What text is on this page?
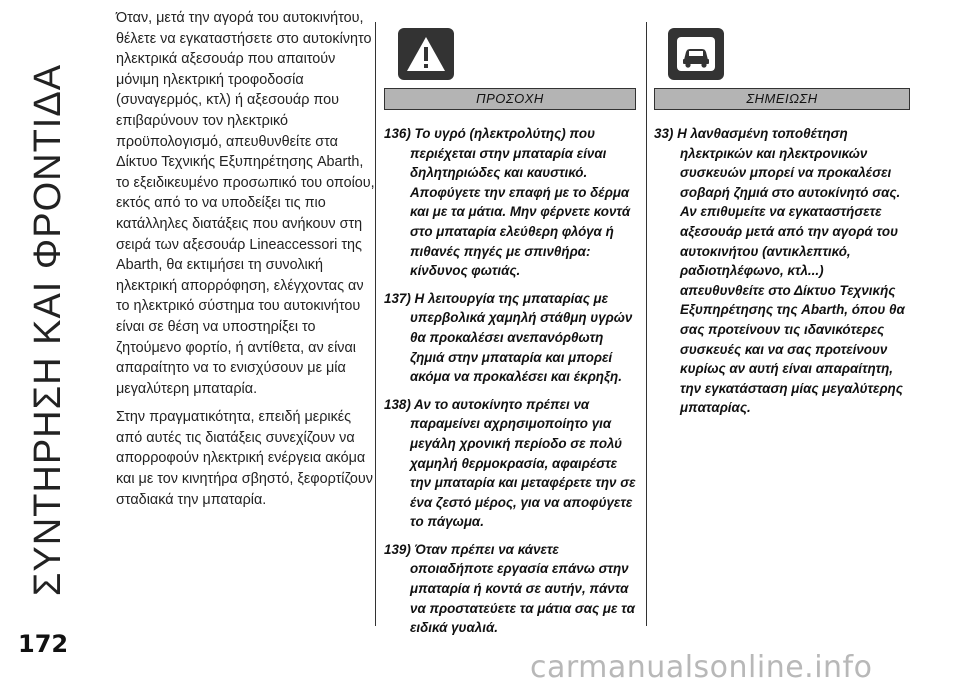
ΣΥΝΤΗΡΗΣΗ ΚΑΙ ΦΡΟΝΤΙΔΑ
172

Όταν, μετά την αγορά του αυτοκινήτου, θέλετε να εγκαταστήσετε στο αυτοκίνητο ηλεκτρικά αξεσουάρ που απαιτούν μόνιμη ηλεκτρική τροφοδοσία (συναγερμός, κτλ) ή αξεσουάρ που επιβαρύνουν τον ηλεκτρικό προϋπολογισμό, απευθυνθείτε στα Δίκτυο Τεχνικής Εξυπηρέτησης Abarth, το εξειδικευμένο προσωπικό του οποίου, εκτός από το να υποδείξει τις πιο κατάλληλες διατάξεις που ανήκουν στη σειρά των αξεσουάρ Lineaccessori της Abarth, θα εκτιμήσει τη συνολική ηλεκτρική απορρόφηση, ελέγχοντας αν το ηλεκτρικό σύστημα του αυτοκινήτου είναι σε θέση να υποστηρίξει το ζητούμενο φορτίο, ή αντίθετα, αν είναι απαραίτητο να το ενισχύσουν με μία μεγαλύτερη μπαταρία.

Στην πραγματικότητα, επειδή μερικές από αυτές τις διατάξεις συνεχίζουν να απορροφούν ηλεκτρική ενέργεια ακόμα και με τον κινητήρα σβηστό, ξεφορτίζουν σταδιακά την μπαταρία.

ΠΡΟΣΟΧΗ
136) Το υγρό (ηλεκτρολύτης) που περιέχεται στην μπαταρία είναι δηλητηριώδες και καυστικό. Αποφύγετε την επαφή με το δέρμα και με τα μάτια. Μην φέρνετε κοντά στο μπαταρία ελεύθερη φλόγα ή πιθανές πηγές με σπινθήρα: κίνδυνος φωτιάς.
137) Η λειτουργία της μπαταρίας με υπερβολικά χαμηλή στάθμη υγρών θα προκαλέσει ανεπανόρθωτη ζημιά στην μπαταρία και μπορεί ακόμα να προκαλέσει και έκρηξη.
138) Αν το αυτοκίνητο πρέπει να παραμείνει αχρησιμοποίητο για μεγάλη χρονική περίοδο σε πολύ χαμηλή θερμοκρασία, αφαιρέστε την μπαταρία και μεταφέρετε την σε ένα ζεστό μέρος, για να αποφύγετε το πάγωμα.
139) Όταν πρέπει να κάνετε οποιαδήποτε εργασία επάνω στην μπαταρία ή κοντά σε αυτήν, πάντα να προστατεύετε τα μάτια σας με τα ειδικά γυαλιά.
ΣΗΜΕΙΩΣΗ
33) Η λανθασμένη τοποθέτηση ηλεκτρικών και ηλεκτρονικών συσκευών μπορεί να προκαλέσει σοβαρή ζημιά στο αυτοκίνητό σας. Αν επιθυμείτε να εγκαταστήσετε αξεσουάρ μετά από την αγορά του αυτοκινήτου (αντικλεπτικό, ραδιοτηλέφωνο, κτλ...) απευθυνθείτε στο Δίκτυο Τεχνικής Εξυπηρέτησης της Abarth, όπου θα σας προτείνουν τις ιδανικότερες συσκευές και να σας προτείνουν κυρίως αν αυτή είναι απαραίτητη, την εγκατάσταση μίας μεγαλύτερης μπαταρίας.
carmanualsonline.info
